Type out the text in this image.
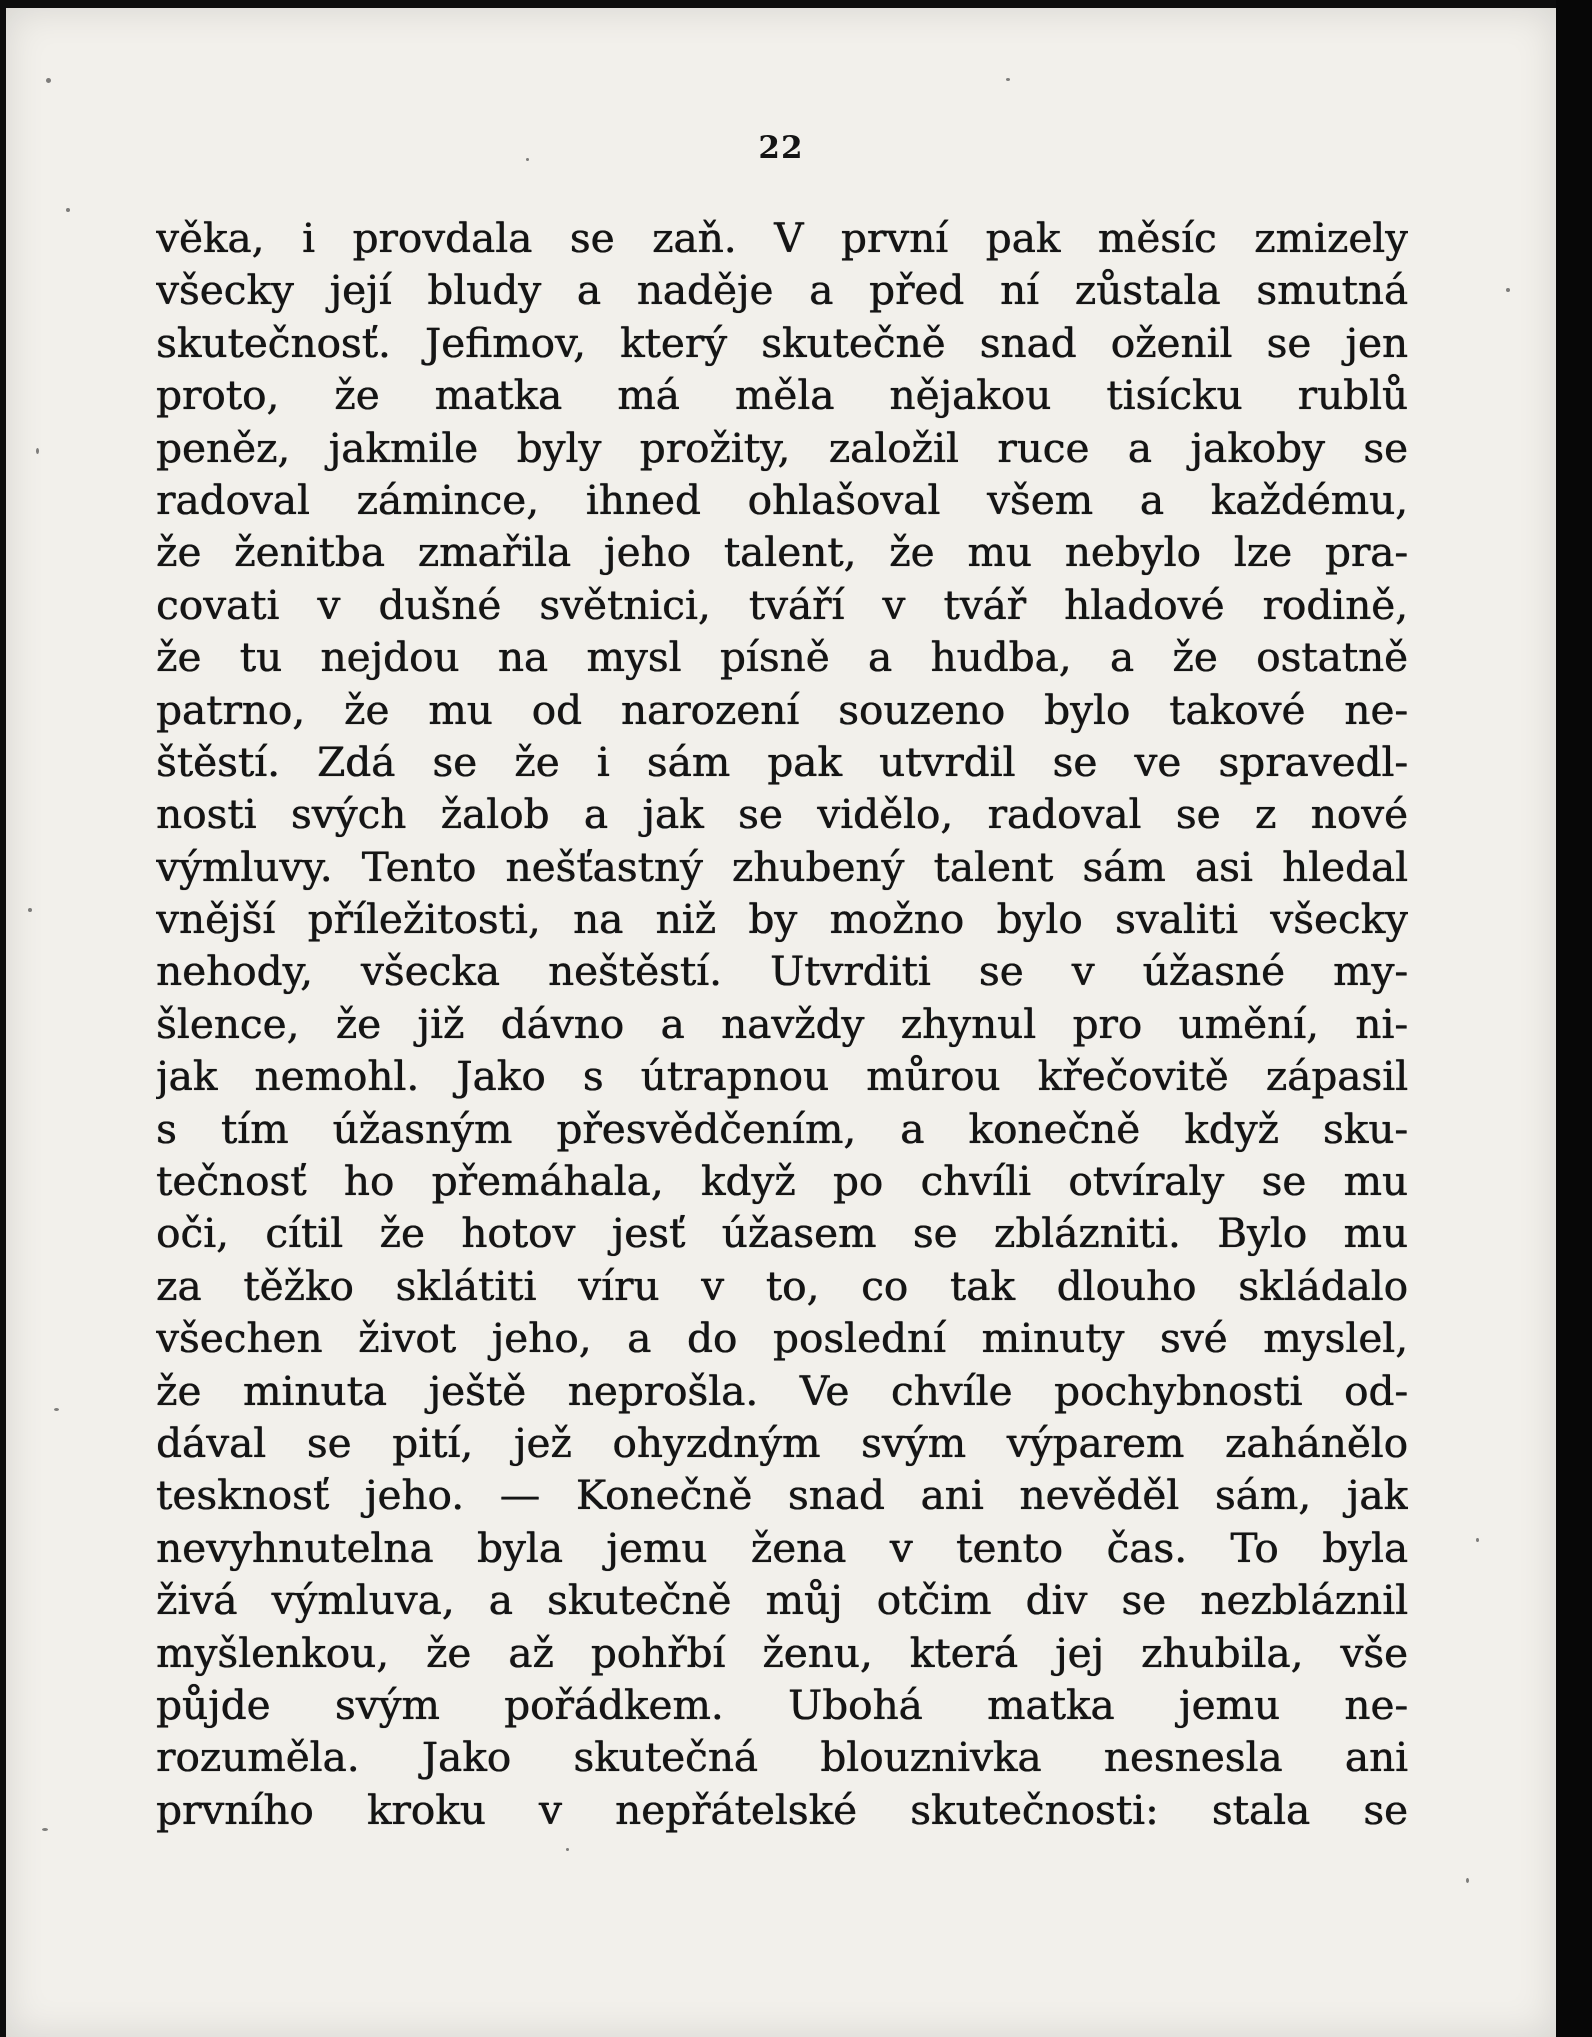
22
věka, i provdala se zaň. V první pak měsíc zmizely
všecky její bludy a naděje a před ní zůstala smutná
skutečnosť. Jefimov, který skutečně snad oženil se jen
proto, že matka má měla nějakou tisícku rublů
peněz, jakmile byly prožity, založil ruce a jakoby se
radoval zámince, ihned ohlašoval všem a každému,
že ženitba zmařila jeho talent, že mu nebylo lze pra-
covati v dušné světnici, tváří v tvář hladové rodině,
že tu nejdou na mysl písně a hudba, a že ostatně
patrno, že mu od narození souzeno bylo takové ne-
štěstí. Zdá se že i sám pak utvrdil se ve spravedl-
nosti svých žalob a jak se vidělo, radoval se z nové
výmluvy. Tento nešťastný zhubený talent sám asi hledal
vnější příležitosti, na niž by možno bylo svaliti všecky
nehody, všecka neštěstí. Utvrditi se v úžasné my-
šlence, že již dávno a navždy zhynul pro umění, ni-
jak nemohl. Jako s útrapnou můrou křečovitě zápasil
s tím úžasným přesvědčením, a konečně když sku-
tečnosť ho přemáhala, když po chvíli otvíraly se mu
oči, cítil že hotov jesť úžasem se zblázniti. Bylo mu
za těžko sklátiti víru v to, co tak dlouho skládalo
všechen život jeho, a do poslední minuty své myslel,
že minuta ještě neprošla. Ve chvíle pochybnosti od-
dával se pití, jež ohyzdným svým výparem zahánělo
tesknosť jeho. — Konečně snad ani nevěděl sám, jak
nevyhnutelna byla jemu žena v tento čas. To byla
živá výmluva, a skutečně můj otčim div se nezbláznil
myšlenkou, že až pohřbí ženu, která jej zhubila, vše
půjde svým pořádkem. Ubohá matka jemu ne-
rozuměla. Jako skutečná blouznivka nesnesla ani
prvního kroku v nepřátelské skutečnosti: stala se
